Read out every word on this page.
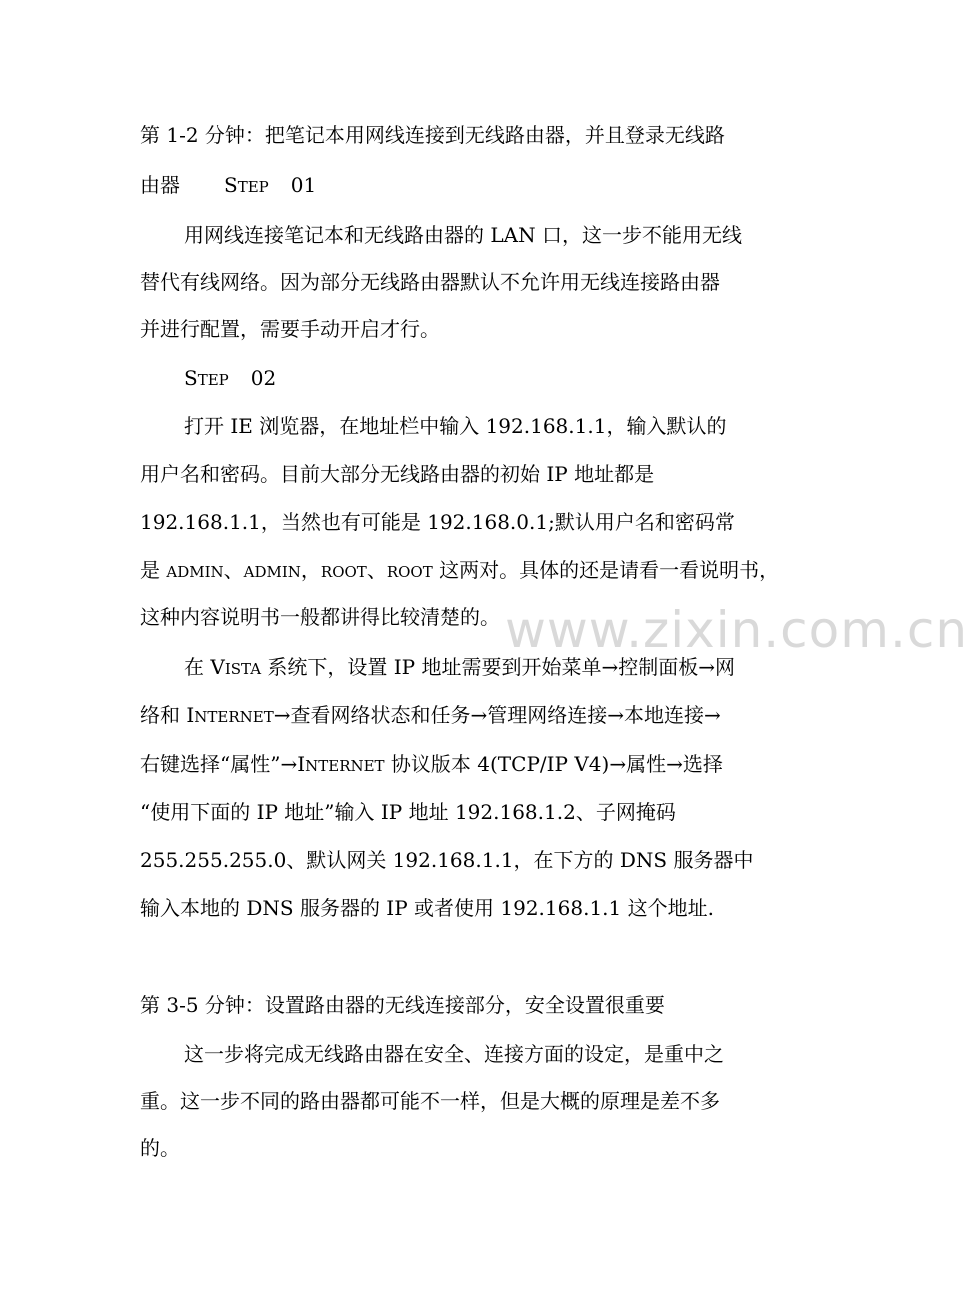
www.zixin.com.cn
第 1-2 分钟：把笔记本用网线连接到无线路由器，并且登录无线路
由器 STEP 01
用网线连接笔记本和无线路由器的 LAN 口，这一步不能用无线
替代有线网络。因为部分无线路由器默认不允许用无线连接路由器
并进行配置，需要手动开启才行。
STEP 02
打开 IE 浏览器，在地址栏中输入 192.168.1.1，输入默认的
用户名和密码。目前大部分无线路由器的初始 IP 地址都是
192.168.1.1，当然也有可能是 192.168.0.1;默认用户名和密码常
是 ADMIN、ADMIN，ROOT、ROOT 这两对。具体的还是请看一看说明书，
这种内容说明书一般都讲得比较清楚的。
在 VISTA 系统下，设置 IP 地址需要到开始菜单→控制面板→网
络和 INTERNET→查看网络状态和任务→管理网络连接→本地连接→
右键选择“属性”→INTERNET 协议版本 4(TCP/IP V4)→属性→选择
“使用下面的 IP 地址”输入 IP 地址 192.168.1.2、子网掩码
255.255.255.0、默认网关 192.168.1.1，在下方的 DNS 服务器中
输入本地的 DNS 服务器的 IP 或者使用 192.168.1.1 这个地址.
第 3-5 分钟：设置路由器的无线连接部分，安全设置很重要
这一步将完成无线路由器在安全、连接方面的设定，是重中之
重。这一步不同的路由器都可能不一样，但是大概的原理是差不多
的。
